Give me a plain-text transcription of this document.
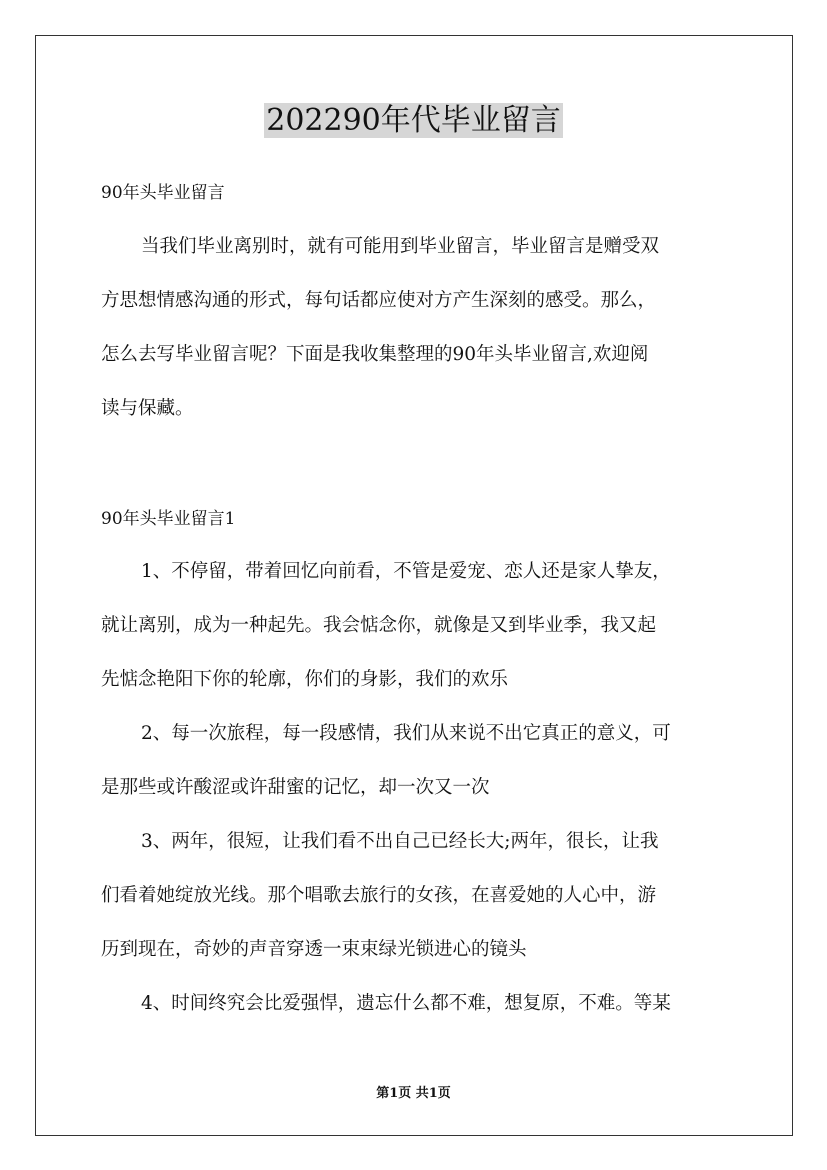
202290年代毕业留言

90年头毕业留言

当我们毕业离别时，就有可能用到毕业留言，毕业留言是赠受双
方思想情感沟通的形式，每句话都应使对方产生深刻的感受。那么，
怎么去写毕业留言呢？下面是我收集整理的90年头毕业留言,欢迎阅
读与保藏。

90年头毕业留言1

1、不停留，带着回忆向前看，不管是爱宠、恋人还是家人挚友，
就让离别，成为一种起先。我会惦念你，就像是又到毕业季，我又起
先惦念艳阳下你的轮廓，你们的身影，我们的欢乐
2、每一次旅程，每一段感情，我们从来说不出它真正的意义，可
是那些或许酸涩或许甜蜜的记忆，却一次又一次
3、两年，很短，让我们看不出自己已经长大;两年，很长，让我
们看着她绽放光线。那个唱歌去旅行的女孩，在喜爱她的人心中，游
历到现在，奇妙的声音穿透一束束绿光锁进心的镜头
4、时间终究会比爱强悍，遗忘什么都不难，想复原，不难。等某

第1页 共1页
